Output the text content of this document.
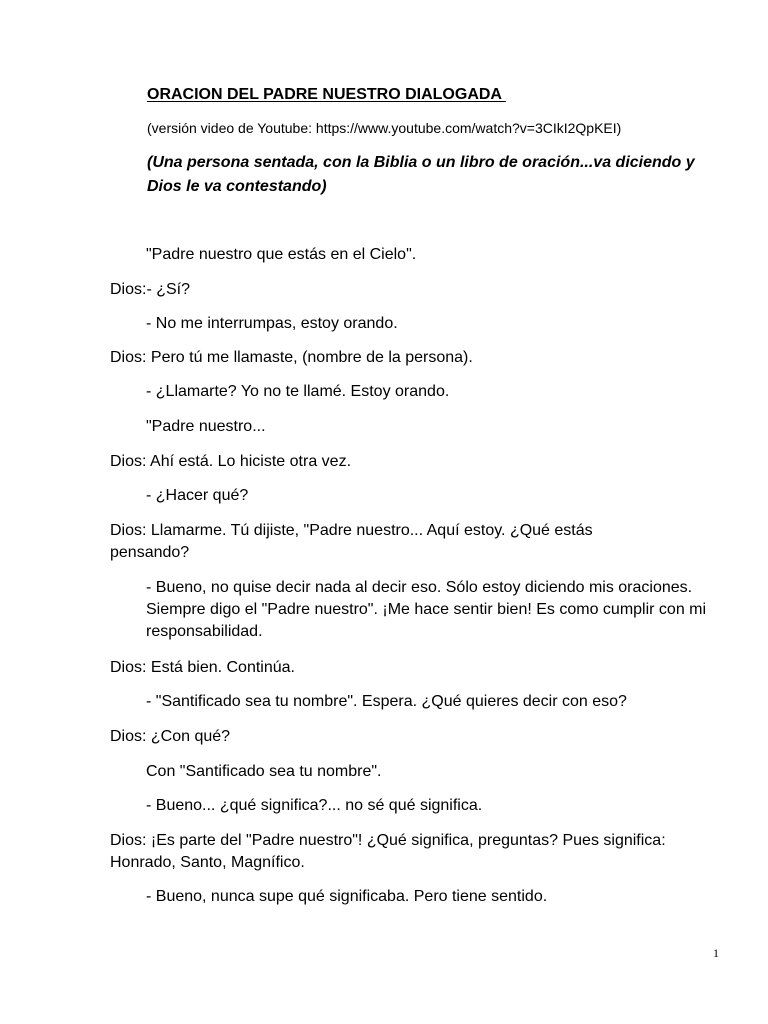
ORACION DEL PADRE NUESTRO DIALOGADA
(versión video de Youtube: https://www.youtube.com/watch?v=3CIkI2QpKEI)
(Una persona sentada, con la Biblia o un libro de oración...va diciendo y Dios le va contestando)
"Padre nuestro que estás en el Cielo".
Dios:- ¿Sí?
- No me interrumpas, estoy orando.
Dios: Pero tú me llamaste, (nombre de la persona).
- ¿Llamarte? Yo no te llamé. Estoy orando.
"Padre nuestro...
Dios: Ahí está. Lo hiciste otra vez.
- ¿Hacer qué?
Dios: Llamarme. Tú dijiste, "Padre nuestro... Aquí estoy. ¿Qué estás pensando?
- Bueno, no quise decir nada al decir eso. Sólo estoy diciendo mis oraciones. Siempre digo el "Padre nuestro". ¡Me hace sentir bien! Es como cumplir con mi responsabilidad.
Dios: Está bien. Continúa.
- "Santificado sea tu nombre". Espera. ¿Qué quieres decir con eso?
Dios: ¿Con qué?
Con "Santificado sea tu nombre".
- Bueno... ¿qué significa?... no sé qué significa.
Dios: ¡Es parte del "Padre nuestro"! ¿Qué significa, preguntas? Pues significa: Honrado, Santo, Magnífico.
- Bueno, nunca supe qué significaba. Pero tiene sentido.
1
